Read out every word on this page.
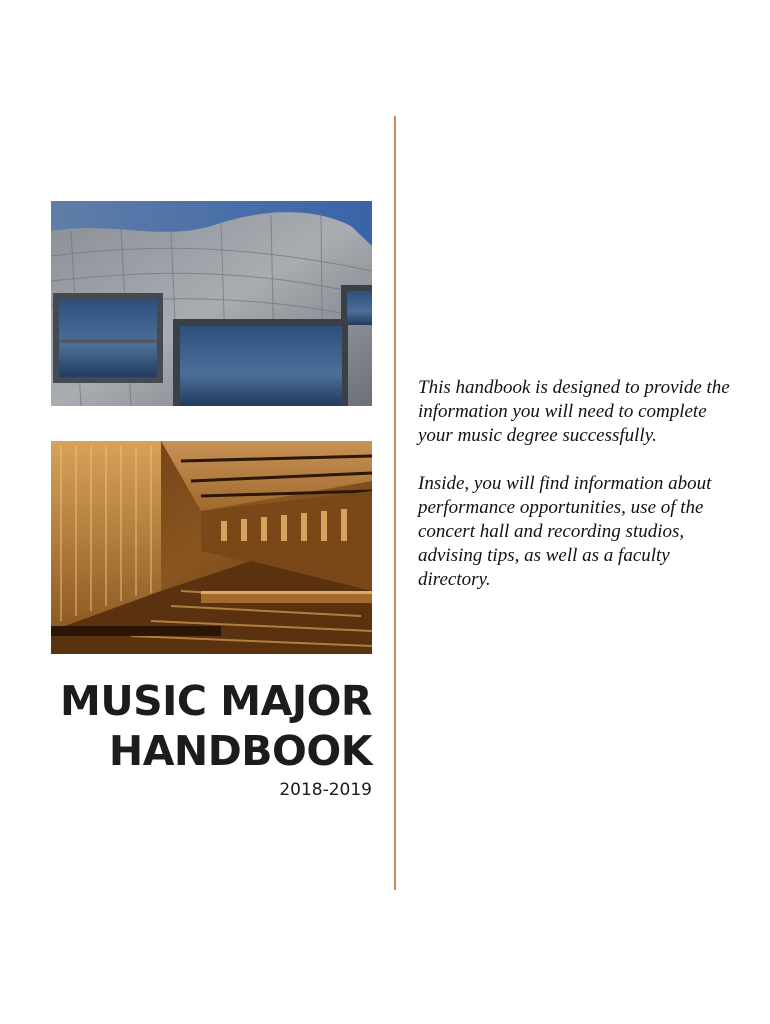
MUSIC MAJOR
HANDBOOK
2018-2019

This handbook is designed to provide the information you will need to complete your music degree successfully.

Inside, you will find information about performance opportunities, use of the concert hall and recording studios, advising tips, as well as a faculty directory.
